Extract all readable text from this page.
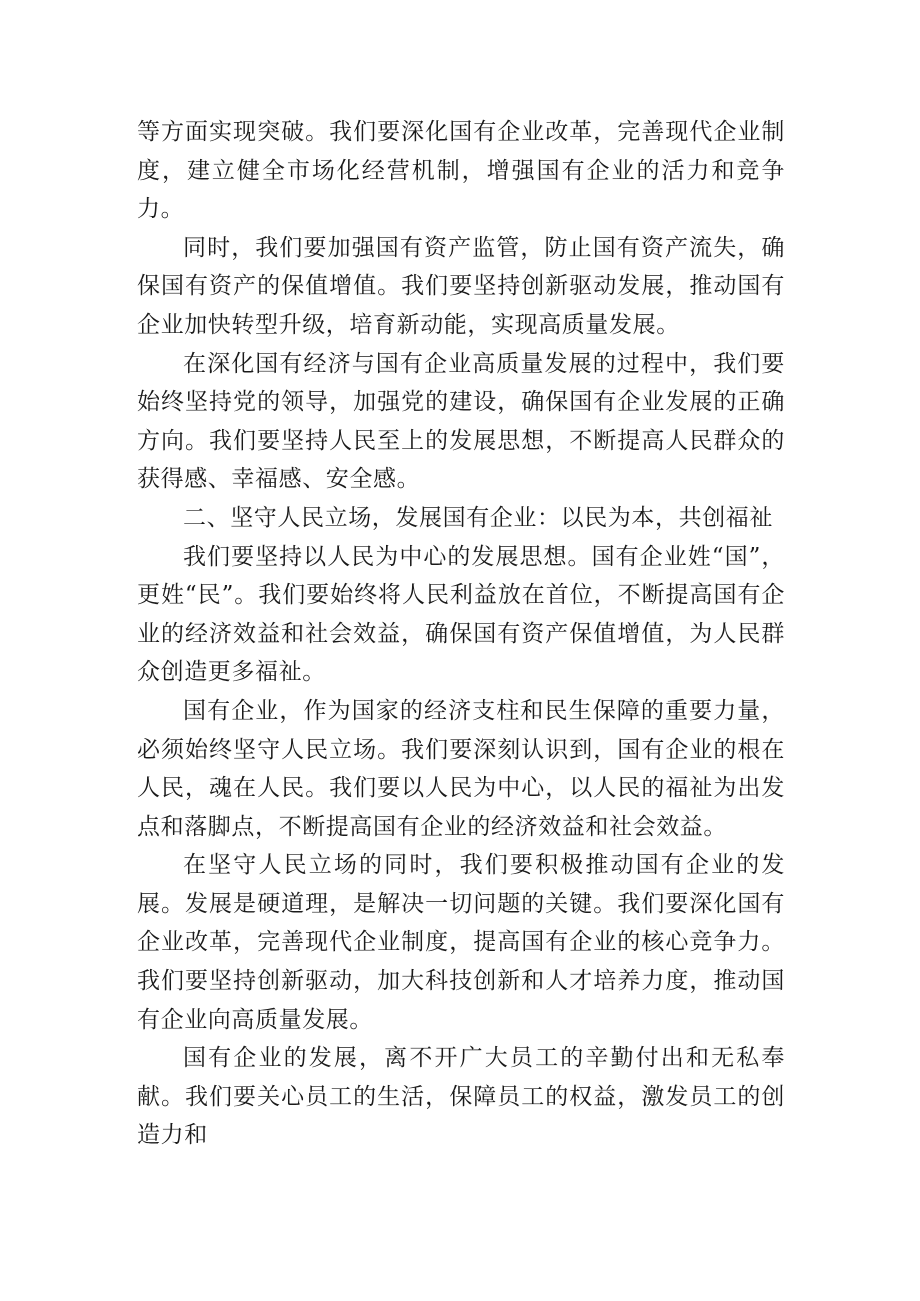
等方面实现突破。我们要深化国有企业改革，完善现代企业制度，建立健全市场化经营机制，增强国有企业的活力和竞争力。

同时，我们要加强国有资产监管，防止国有资产流失，确保国有资产的保值增值。我们要坚持创新驱动发展，推动国有企业加快转型升级，培育新动能，实现高质量发展。

在深化国有经济与国有企业高质量发展的过程中，我们要始终坚持党的领导，加强党的建设，确保国有企业发展的正确方向。我们要坚持人民至上的发展思想，不断提高人民群众的获得感、幸福感、安全感。

二、坚守人民立场，发展国有企业：以民为本，共创福祉

我们要坚持以人民为中心的发展思想。国有企业姓“国”，更姓“民”。我们要始终将人民利益放在首位，不断提高国有企业的经济效益和社会效益，确保国有资产保值增值，为人民群众创造更多福祉。

国有企业，作为国家的经济支柱和民生保障的重要力量，必须始终坚守人民立场。我们要深刻认识到，国有企业的根在人民，魂在人民。我们要以人民为中心，以人民的福祉为出发点和落脚点，不断提高国有企业的经济效益和社会效益。

在坚守人民立场的同时，我们要积极推动国有企业的发展。发展是硬道理，是解决一切问题的关键。我们要深化国有企业改革，完善现代企业制度，提高国有企业的核心竞争力。我们要坚持创新驱动，加大科技创新和人才培养力度，推动国有企业向高质量发展。

国有企业的发展，离不开广大员工的辛勤付出和无私奉献。我们要关心员工的生活，保障员工的权益，激发员工的创造力和
